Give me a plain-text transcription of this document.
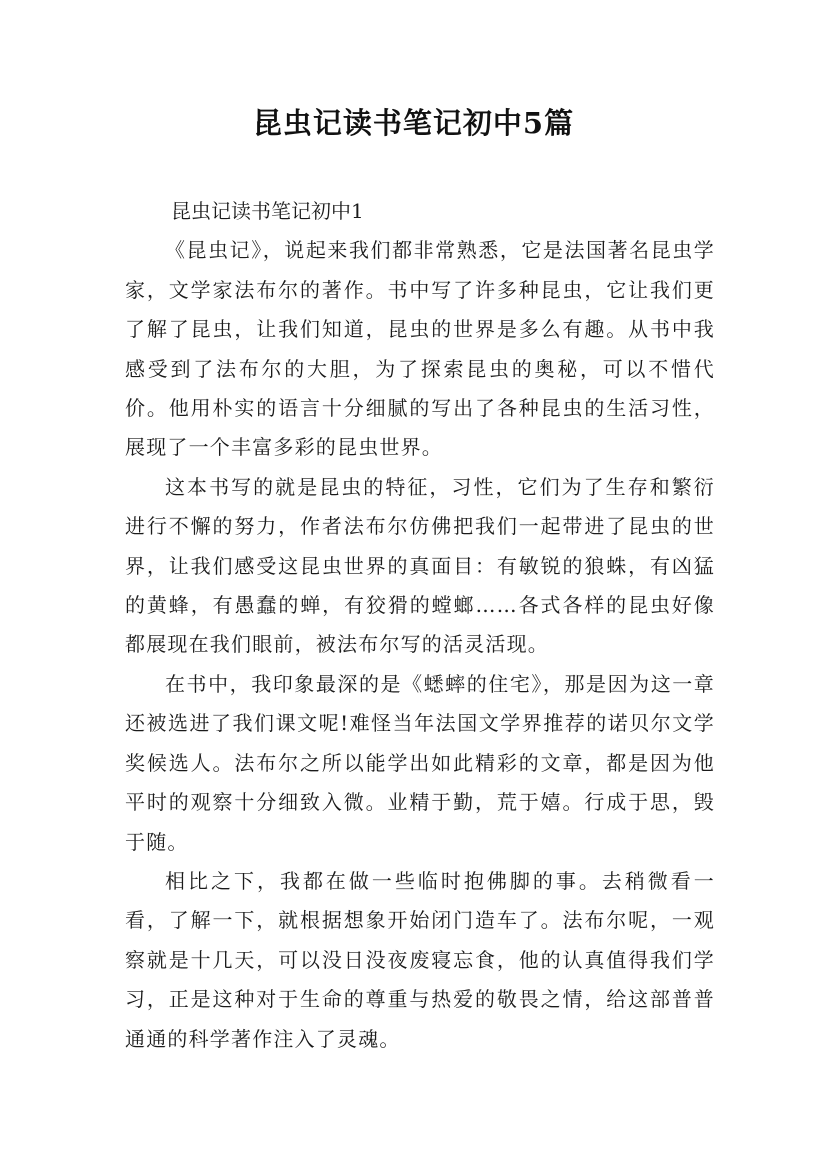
昆虫记读书笔记初中5篇
昆虫记读书笔记初中1

《昆虫记》，说起来我们都非常熟悉，它是法国著名昆虫学家，文学家法布尔的著作。书中写了许多种昆虫，它让我们更了解了昆虫，让我们知道，昆虫的世界是多么有趣。从书中我感受到了法布尔的大胆，为了探索昆虫的奥秘，可以不惜代价。他用朴实的语言十分细腻的写出了各种昆虫的生活习性，展现了一个丰富多彩的昆虫世界。

这本书写的就是昆虫的特征，习性，它们为了生存和繁衍进行不懈的努力，作者法布尔仿佛把我们一起带进了昆虫的世界，让我们感受这昆虫世界的真面目：有敏锐的狼蛛，有凶猛的黄蜂，有愚蠢的蝉，有狡猾的螳螂……各式各样的昆虫好像都展现在我们眼前，被法布尔写的活灵活现。

在书中，我印象最深的是《蟋蟀的住宅》，那是因为这一章还被选进了我们课文呢!难怪当年法国文学界推荐的诺贝尔文学奖候选人。法布尔之所以能学出如此精彩的文章，都是因为他平时的观察十分细致入微。业精于勤，荒于嬉。行成于思，毁于随。

相比之下，我都在做一些临时抱佛脚的事。去稍微看一看，了解一下，就根据想象开始闭门造车了。法布尔呢，一观察就是十几天，可以没日没夜废寝忘食，他的认真值得我们学习，正是这种对于生命的尊重与热爱的敬畏之情，给这部普普通通的科学著作注入了灵魂。
